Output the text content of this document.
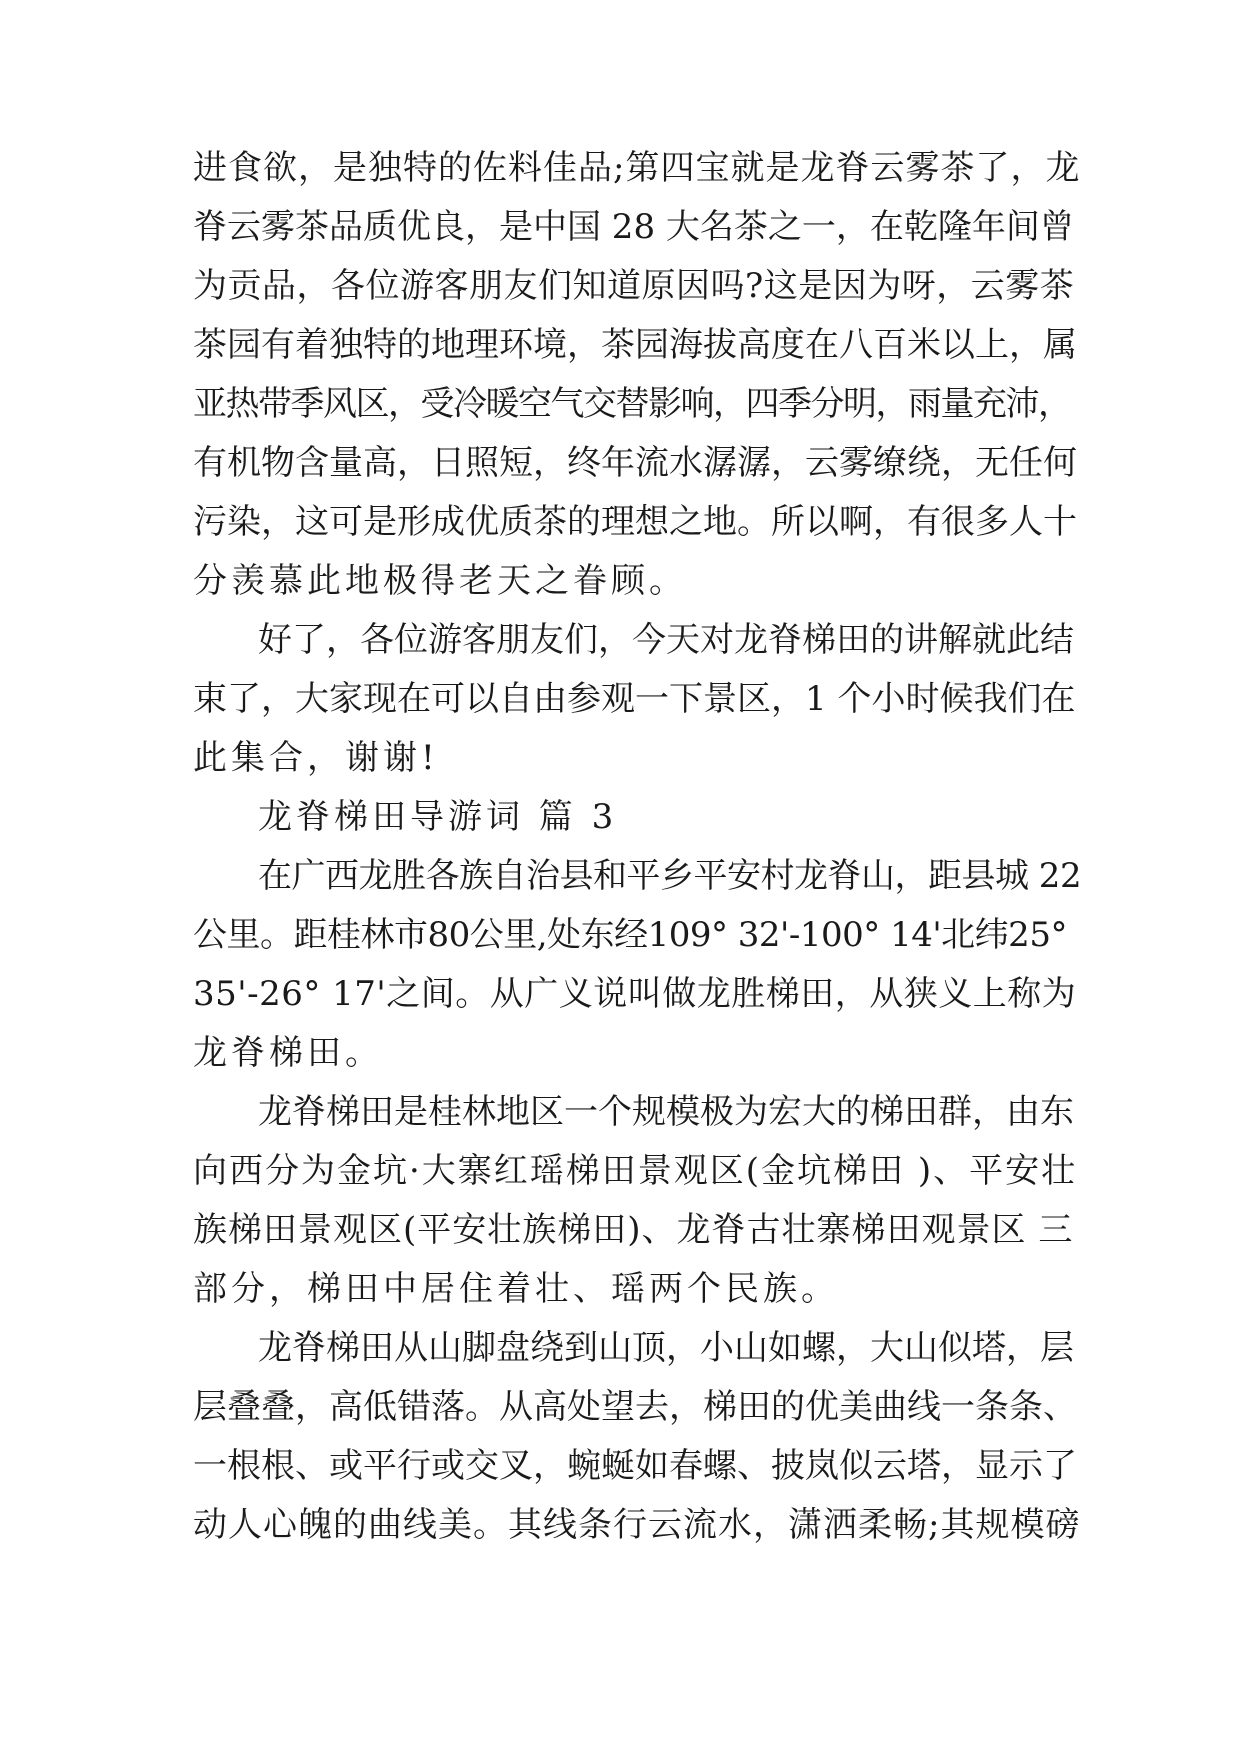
进食欲，是独特的佐料佳品;第四宝就是龙脊云雾茶了，龙

脊云雾茶品质优良，是中国 28 大名茶之一，在乾隆年间曾

为贡品，各位游客朋友们知道原因吗?这是因为呀，云雾茶

茶园有着独特的地理环境，茶园海拔高度在八百米以上，属

亚热带季风区，受冷暖空气交替影响，四季分明，雨量充沛，

有机物含量高，日照短，终年流水潺潺，云雾缭绕，无任何

污染，这可是形成优质茶的理想之地。所以啊，有很多人十

分羡慕此地极得老天之眷顾。

好了，各位游客朋友们，今天对龙脊梯田的讲解就此结

束了，大家现在可以自由参观一下景区，1 个小时候我们在

此集合，谢谢!

龙脊梯田导游词 篇 3

在广西龙胜各族自治县和平乡平安村龙脊山，距县城 22

公里。距桂林市80公里,处东经109° 32'-100° 14'北纬25°

35'-26° 17'之间。从广义说叫做龙胜梯田，从狭义上称为

龙脊梯田。

龙脊梯田是桂林地区一个规模极为宏大的梯田群，由东

向西分为金坑·大寨红瑶梯田景观区(金坑梯田 )、平安壮

族梯田景观区(平安壮族梯田)、龙脊古壮寨梯田观景区 三

部分，梯田中居住着壮、瑶两个民族。

龙脊梯田从山脚盘绕到山顶，小山如螺，大山似塔，层

层叠叠，高低错落。从高处望去，梯田的优美曲线一条条、

一根根、或平行或交叉，蜿蜒如春螺、披岚似云塔，显示了

动人心魄的曲线美。其线条行云流水，潇洒柔畅;其规模磅
